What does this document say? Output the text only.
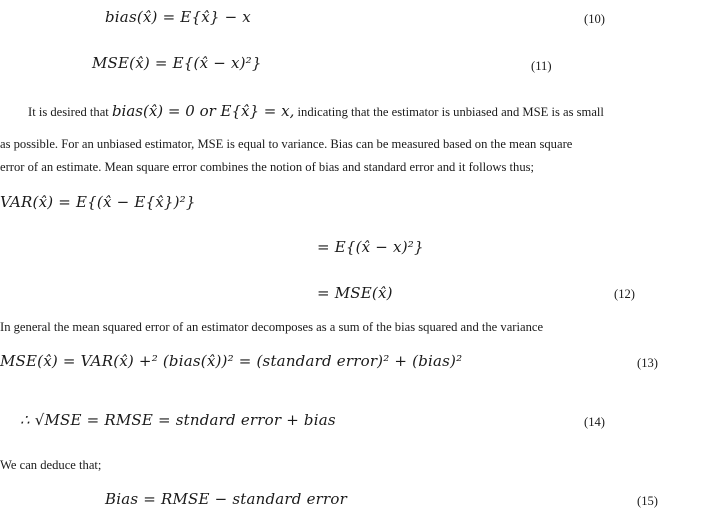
bias(x̂) = E{x̂} − x	(10)
MSE(x̂) = E{(x̂ − x)²}	(11)
It is desired that bias(x̂) = 0 or E{x̂} = x, indicating that the estimator is unbiased and MSE is as small
as possible. For an unbiased estimator, MSE is equal to variance. Bias can be measured based on the mean square
error of an estimate. Mean square error combines the notion of bias and standard error and it follows thus;
VAR(x̂) = E{(x̂ − E{x̂})²}
= E{(x̂ − x)²}
= MSE(x̂)	(12)
In general the mean squared error of an estimator decomposes as a sum of the bias squared and the variance
MSE(x̂) = VAR(x̂) +² (bias(x̂))² = (standard error)² + (bias)²	(13)
∴ √MSE = RMSE = stndard error + bias	(14)
We can deduce that;
Bias = RMSE − standard error	(15)
